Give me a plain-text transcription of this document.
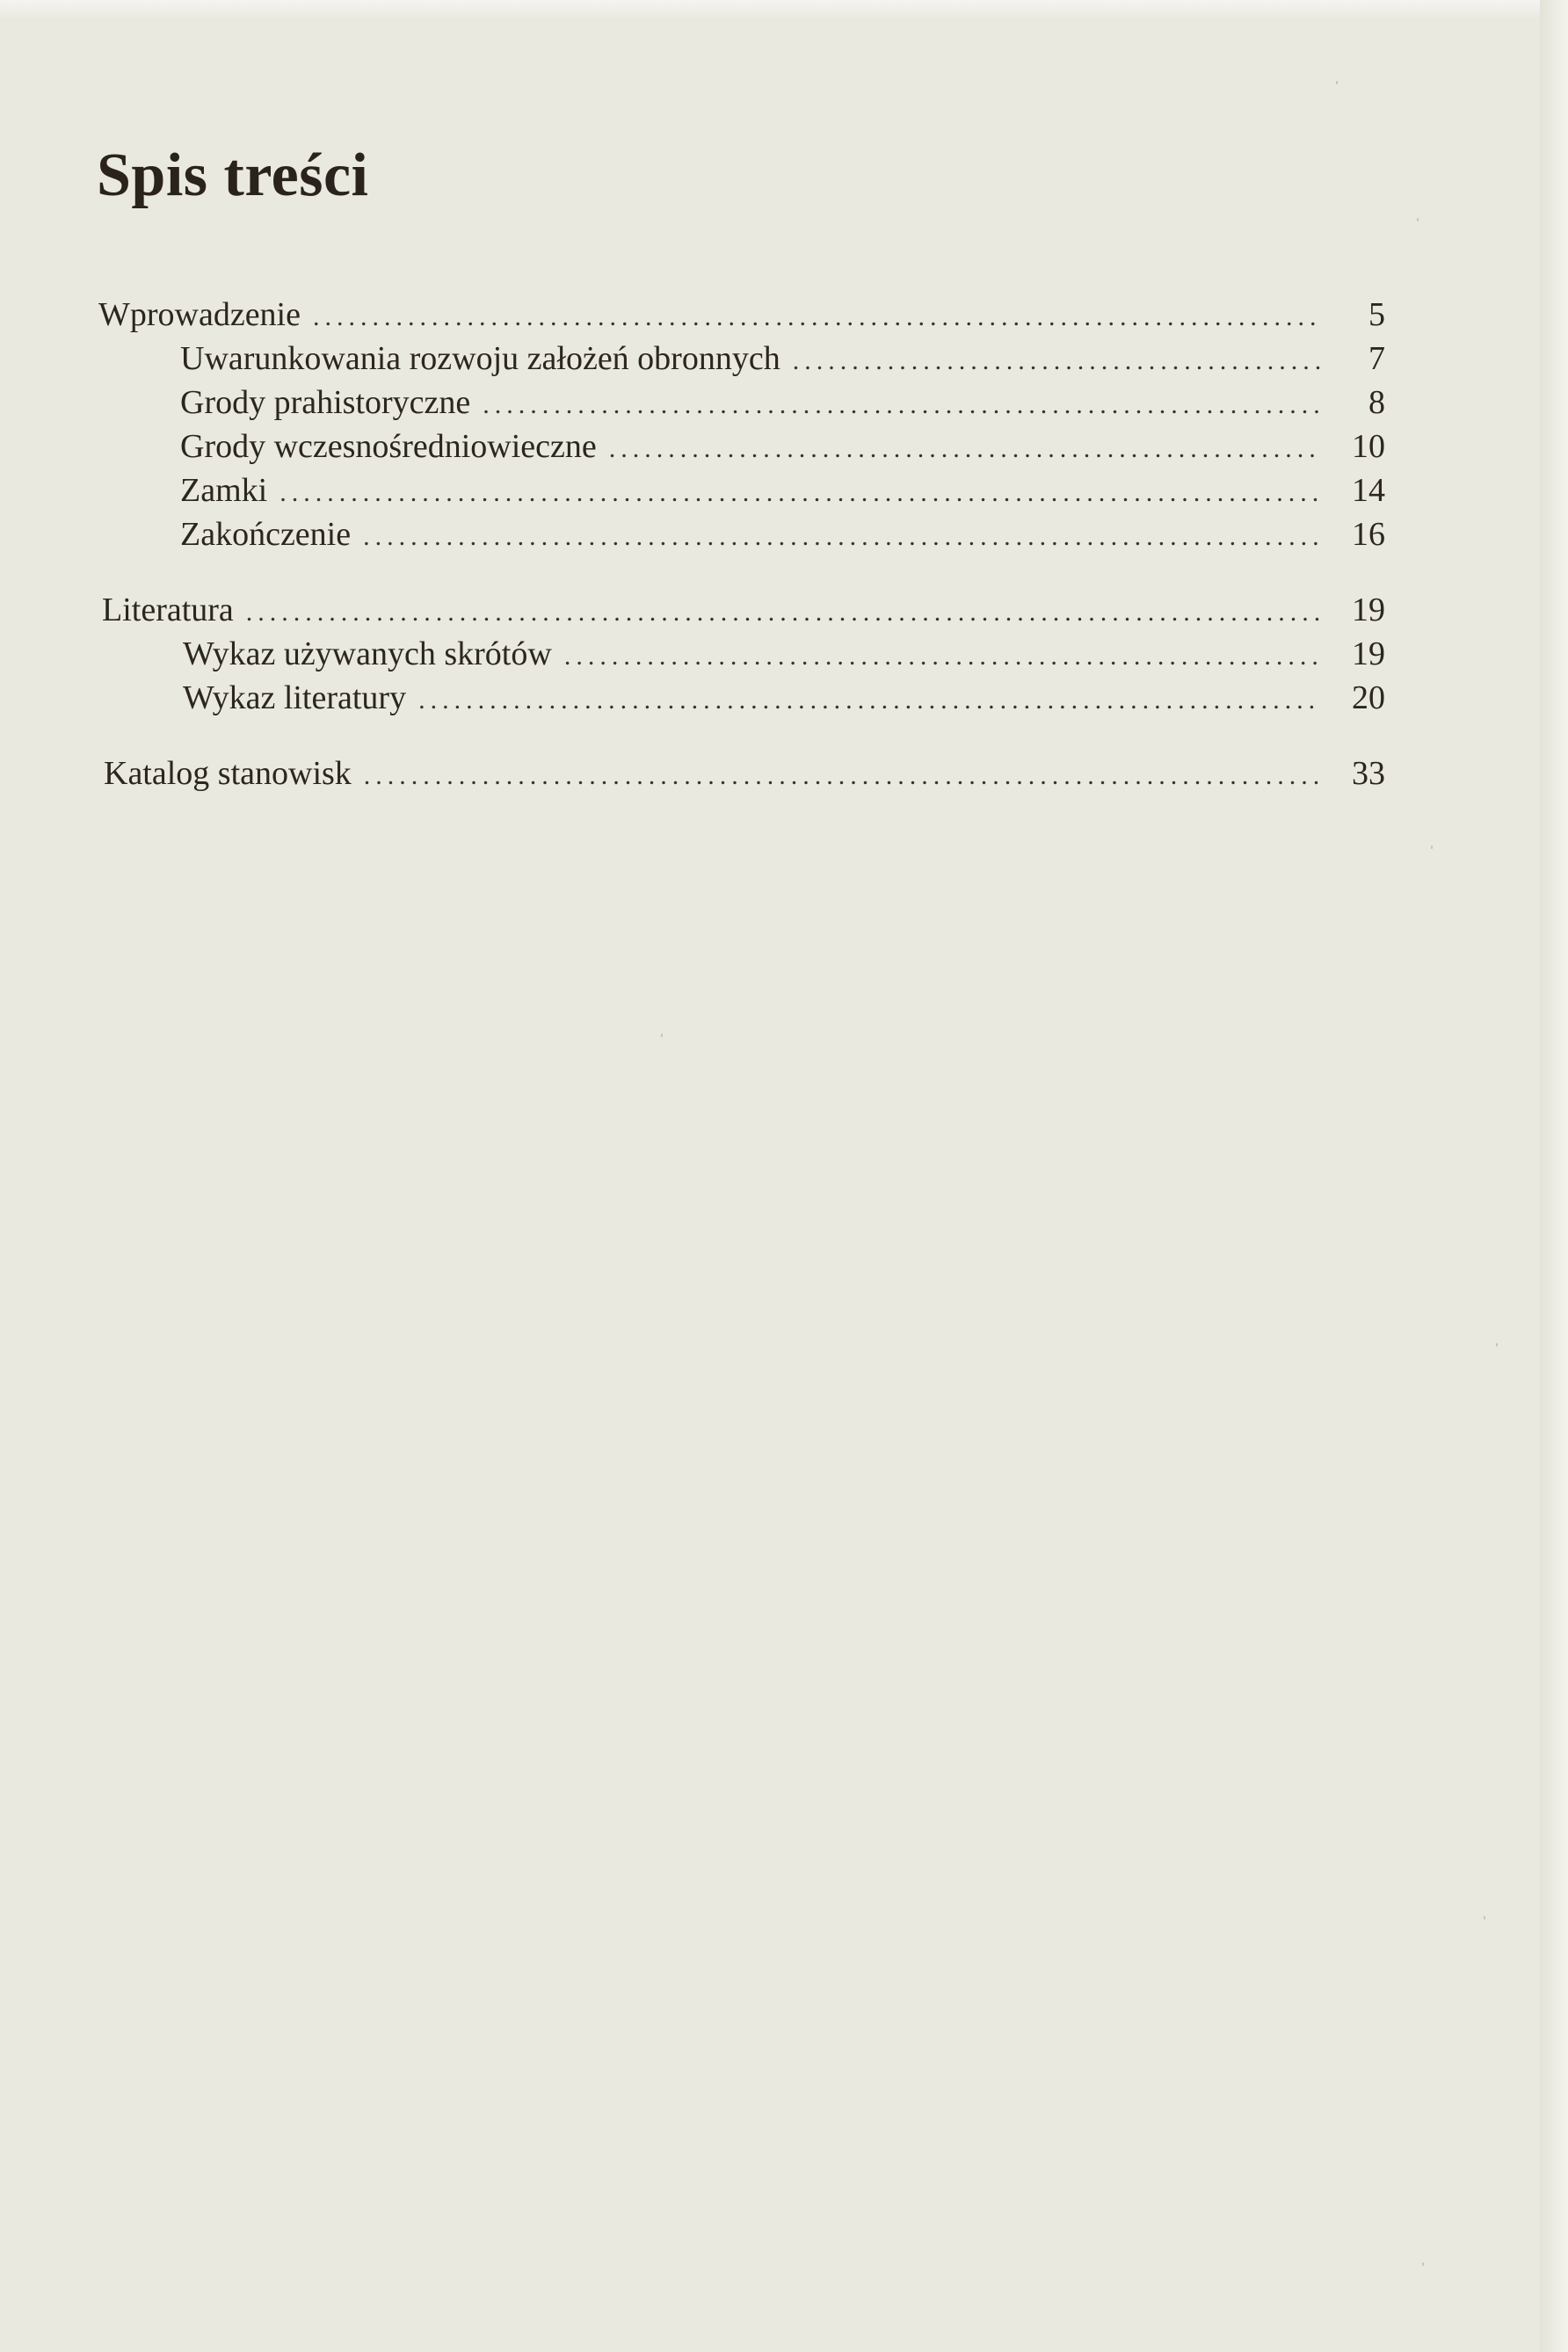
Spis treści
Wprowadzenie .....	5
Uwarunkowania rozwoju założeń obronnych .....	7
Grody prahistoryczne .....	8
Grody wczesnośredniowieczne .....	10
Zamki .....	14
Zakończenie .....	16
Literatura .....	19
Wykaz używanych skrótów .....	19
Wykaz literatury .....	20
Katalog stanowisk .....	33
